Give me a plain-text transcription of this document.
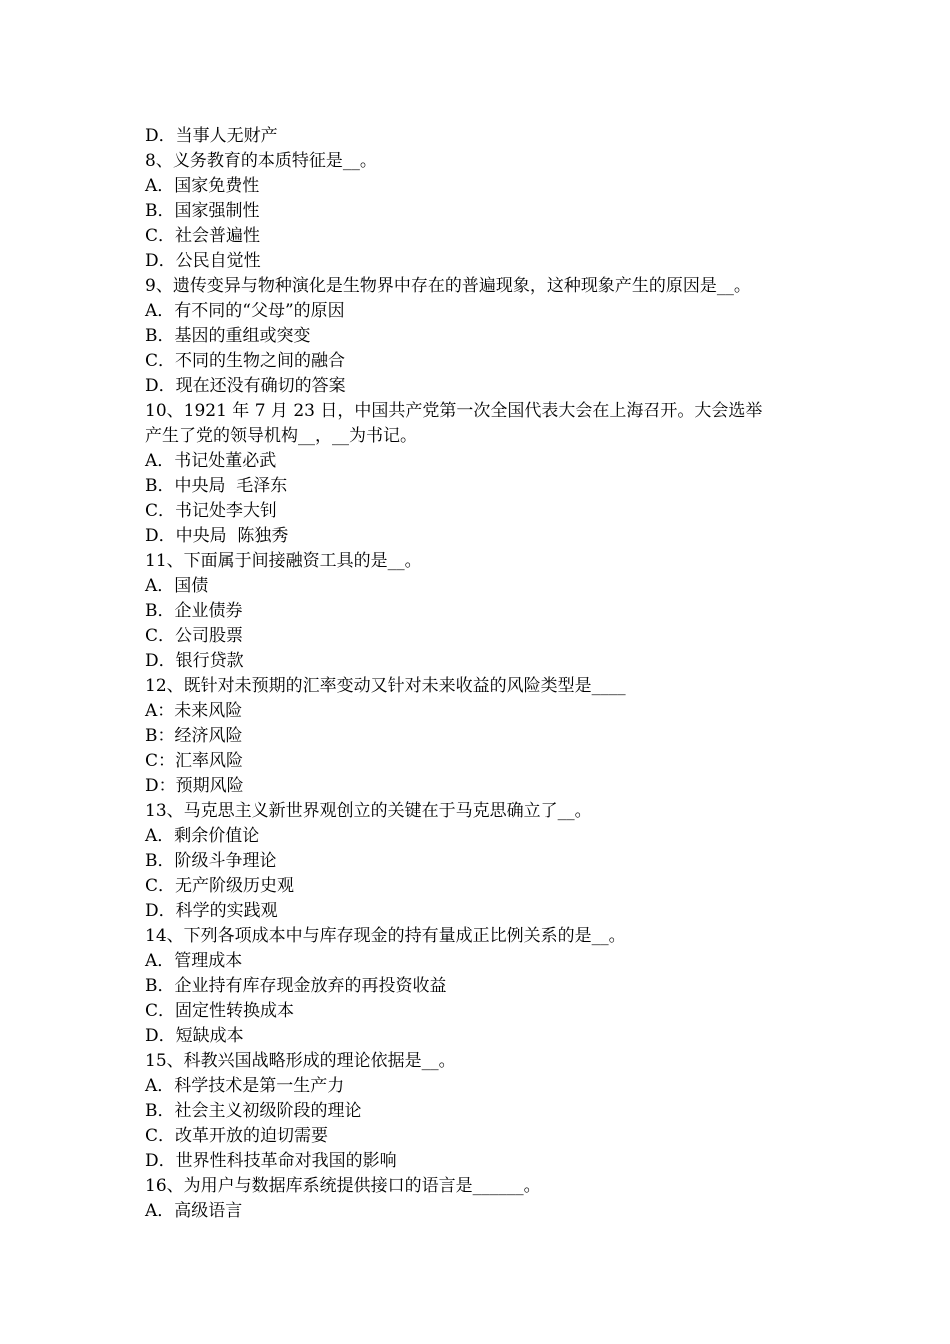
D．当事人无财产
8、义务教育的本质特征是__。
A．国家免费性
B．国家强制性
C．社会普遍性
D．公民自觉性
9、遗传变异与物种演化是生物界中存在的普遍现象，这种现象产生的原因是__。
A．有不同的“父母”的原因
B．基因的重组或突变
C．不同的生物之间的融合
D．现在还没有确切的答案
10、1921 年 7 月 23 日，中国共产党第一次全国代表大会在上海召开。大会选举
产生了党的领导机构__，__为书记。
A．书记处董必武
B．中央局  毛泽东
C．书记处李大钊
D．中央局  陈独秀
11、下面属于间接融资工具的是__。
A．国债
B．企业债券
C．公司股票
D．银行贷款
12、既针对未预期的汇率变动又针对未来收益的风险类型是____
A：未来风险
B：经济风险
C：汇率风险
D：预期风险
13、马克思主义新世界观创立的关键在于马克思确立了__。
A．剩余价值论
B．阶级斗争理论
C．无产阶级历史观
D．科学的实践观
14、下列各项成本中与库存现金的持有量成正比例关系的是__。
A．管理成本
B．企业持有库存现金放弃的再投资收益
C．固定性转换成本
D．短缺成本
15、科教兴国战略形成的理论依据是__。
A．科学技术是第一生产力
B．社会主义初级阶段的理论
C．改革开放的迫切需要
D．世界性科技革命对我国的影响
16、为用户与数据库系统提供接口的语言是______。
A．高级语言
